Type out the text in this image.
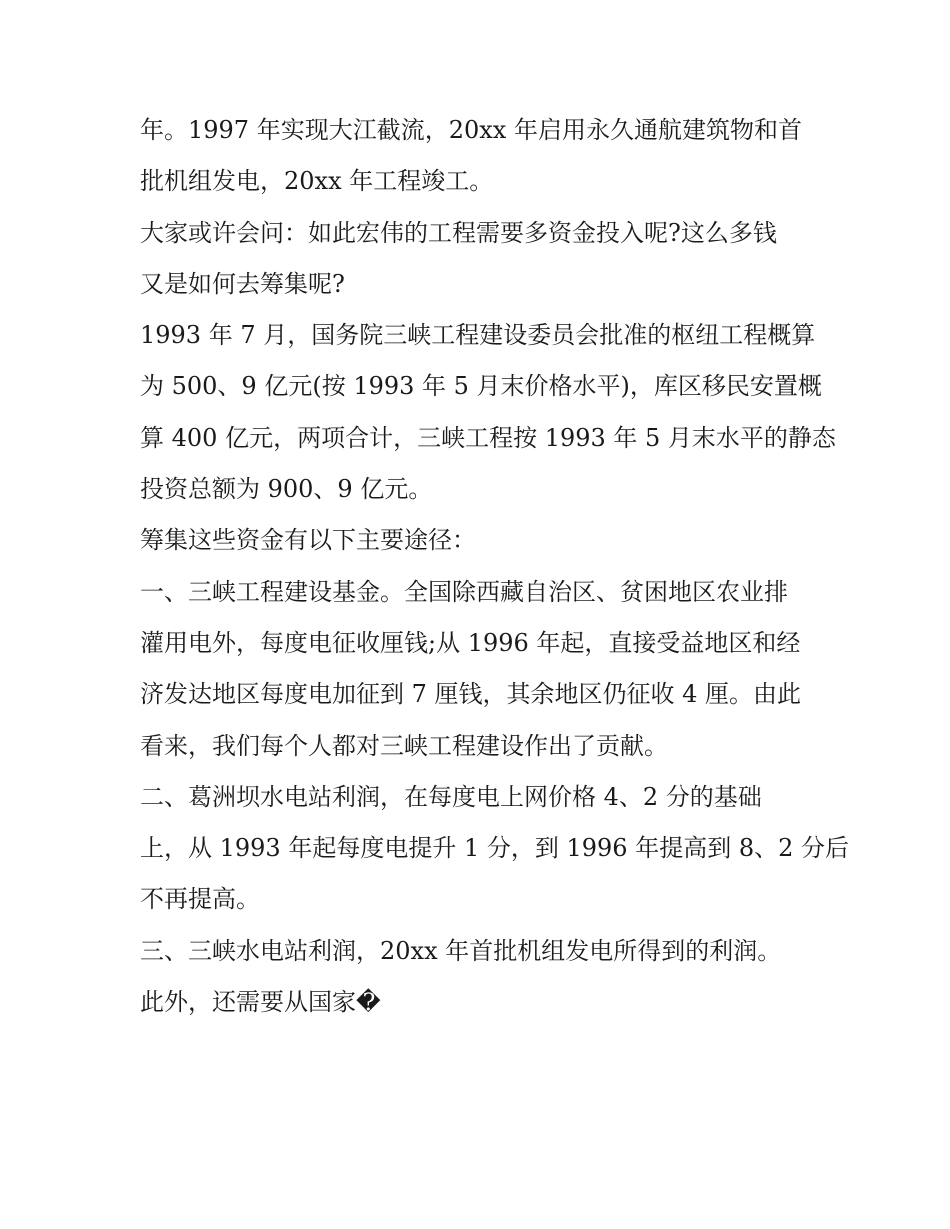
年。1997 年实现大江截流，20xx 年启用永久通航建筑物和首
批机组发电，20xx 年工程竣工。
大家或许会问：如此宏伟的工程需要多资金投入呢?这么多钱
又是如何去筹集呢?
1993 年 7 月，国务院三峡工程建设委员会批准的枢纽工程概算
为 500、9 亿元(按 1993 年 5 月末价格水平)，库区移民安置概
算 400 亿元，两项合计，三峡工程按 1993 年 5 月末水平的静态
投资总额为 900、9 亿元。
筹集这些资金有以下主要途径：
一、三峡工程建设基金。全国除西藏自治区、贫困地区农业排
灌用电外，每度电征收厘钱;从 1996 年起，直接受益地区和经
济发达地区每度电加征到 7 厘钱，其余地区仍征收 4 厘。由此
看来，我们每个人都对三峡工程建设作出了贡献。
二、葛洲坝水电站利润，在每度电上网价格 4、2 分的基础
上，从 1993 年起每度电提升 1 分，到 1996 年提高到 8、2 分后
不再提高。
三、三峡水电站利润，20xx 年首批机组发电所得到的利润。
此外，还需要从国家�
